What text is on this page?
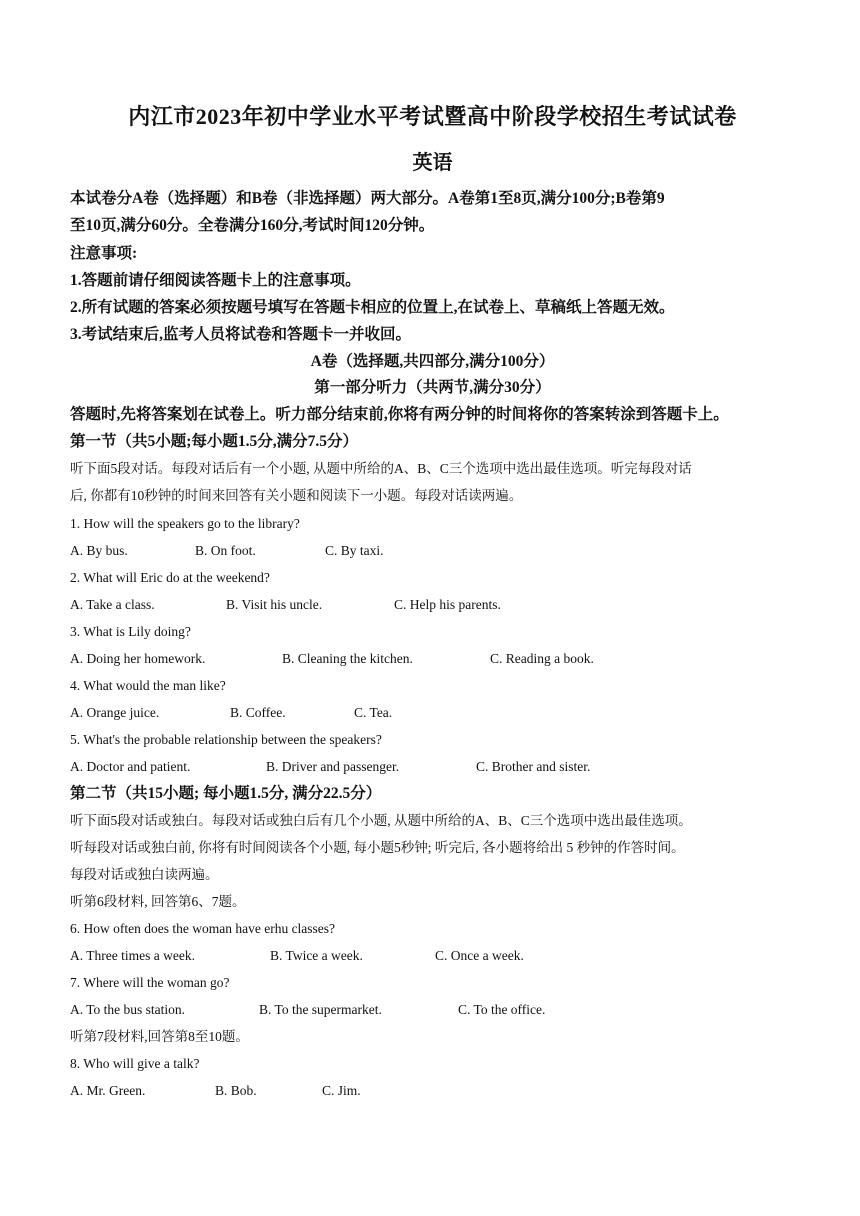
内江市2023年初中学业水平考试暨高中阶段学校招生考试试卷
英语
本试卷分A卷（选择题）和B卷（非选择题）两大部分。A卷第1至8页,满分100分;B卷第9
至10页,满分60分。全卷满分160分,考试时间120分钟。
注意事项:
1.答题前请仔细阅读答题卡上的注意事项。
2.所有试题的答案必须按题号填写在答题卡相应的位置上,在试卷上、草稿纸上答题无效。
3.考试结束后,监考人员将试卷和答题卡一并收回。
A卷（选择题,共四部分,满分100分）
第一部分听力（共两节,满分30分）
答题时,先将答案划在试卷上。听力部分结束前,你将有两分钟的时间将你的答案转涂到答题卡上。
第一节（共5小题;每小题1.5分,满分7.5分）
听下面5段对话。每段对话后有一个小题, 从题中所给的A、B、C三个选项中选出最佳选项。听完每段对话
后, 你都有10秒钟的时间来回答有关小题和阅读下一小题。每段对话读两遍。
1. How will the speakers go to the library?
A. By bus.	B. On foot.	C. By taxi.
2. What will Eric do at the weekend?
A. Take a class.	B. Visit his uncle.	C. Help his parents.
3. What is Lily doing?
A. Doing her homework.	B. Cleaning the kitchen.	C. Reading a book.
4. What would the man like?
A. Orange juice.	B. Coffee.	C. Tea.
5. What's the probable relationship between the speakers?
A. Doctor and patient.	B. Driver and passenger.	C. Brother and sister.
第二节（共15小题; 每小题1.5分, 满分22.5分）
听下面5段对话或独白。每段对话或独白后有几个小题, 从题中所给的A、B、C三个选项中选出最佳选项。
听每段对话或独白前, 你将有时间阅读各个小题, 每小题5秒钟; 听完后, 各小题将给出 5 秒钟的作答时间。
每段对话或独白读两遍。
听第6段材料, 回答第6、7题。
6. How often does the woman have erhu classes?
A. Three times a week.	B. Twice a week.	C. Once a week.
7. Where will the woman go?
A. To the bus station.	B. To the supermarket.	C. To the office.
听第7段材料,回答第8至10题。
8. Who will give a talk?
A. Mr. Green.	B. Bob.	C. Jim.
